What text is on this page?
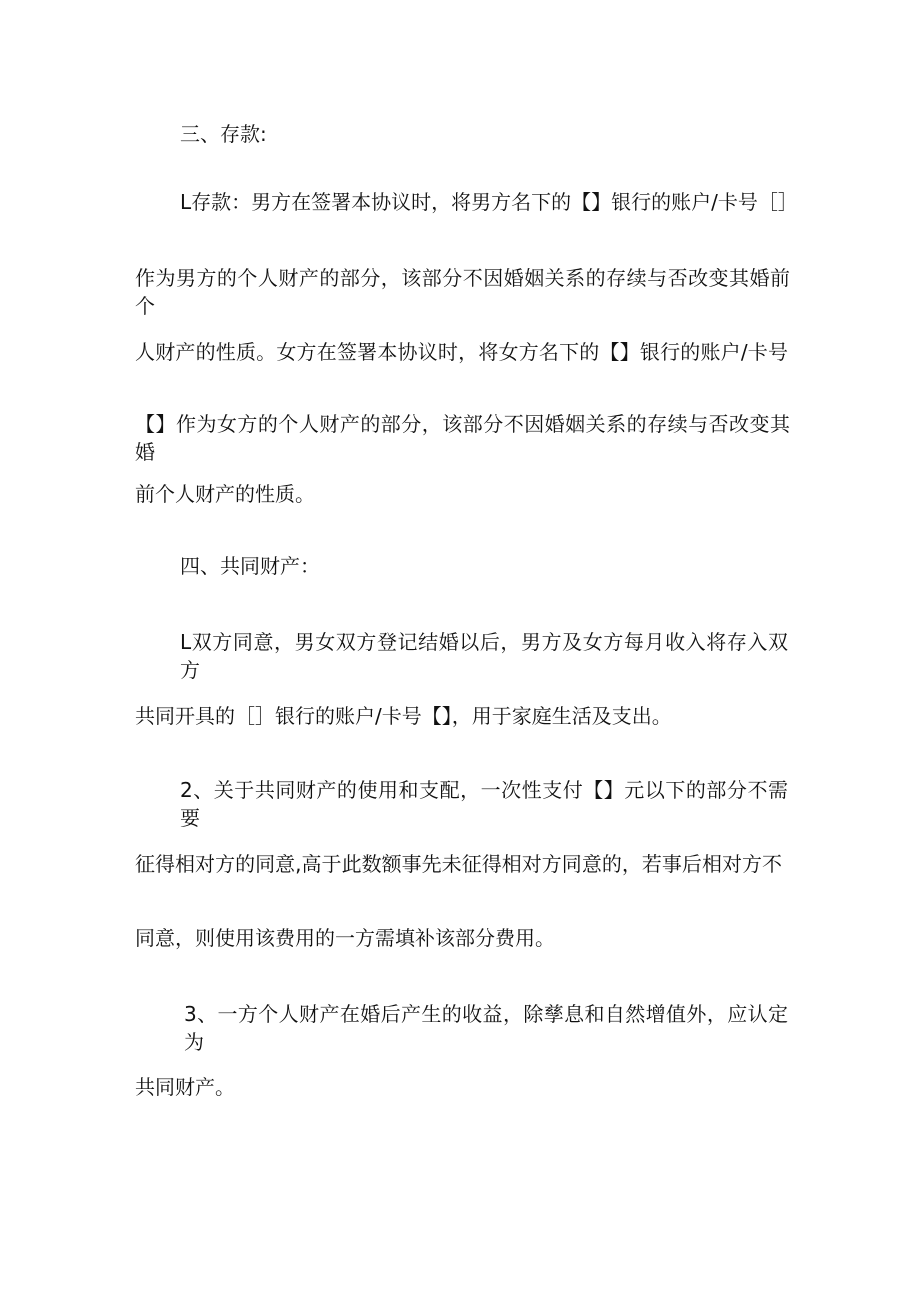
三、存款:
L存款：男方在签署本协议时，将男方名下的【】银行的账户/卡号［］
作为男方的个人财产的部分，该部分不因婚姻关系的存续与否改变其婚前个
人财产的性质。女方在签署本协议时，将女方名下的【】银行的账户/卡号
【】作为女方的个人财产的部分，该部分不因婚姻关系的存续与否改变其婚
前个人财产的性质。
四、共同财产：
L双方同意，男女双方登记结婚以后，男方及女方每月收入将存入双方
共同开具的［］银行的账户/卡号【】，用于家庭生活及支出。
2、关于共同财产的使用和支配，一次性支付【】元以下的部分不需要
征得相对方的同意,高于此数额事先未征得相对方同意的，若事后相对方不
同意，则使用该费用的一方需填补该部分费用。
3、一方个人财产在婚后产生的收益，除孳息和自然增值外，应认定为
共同财产。
